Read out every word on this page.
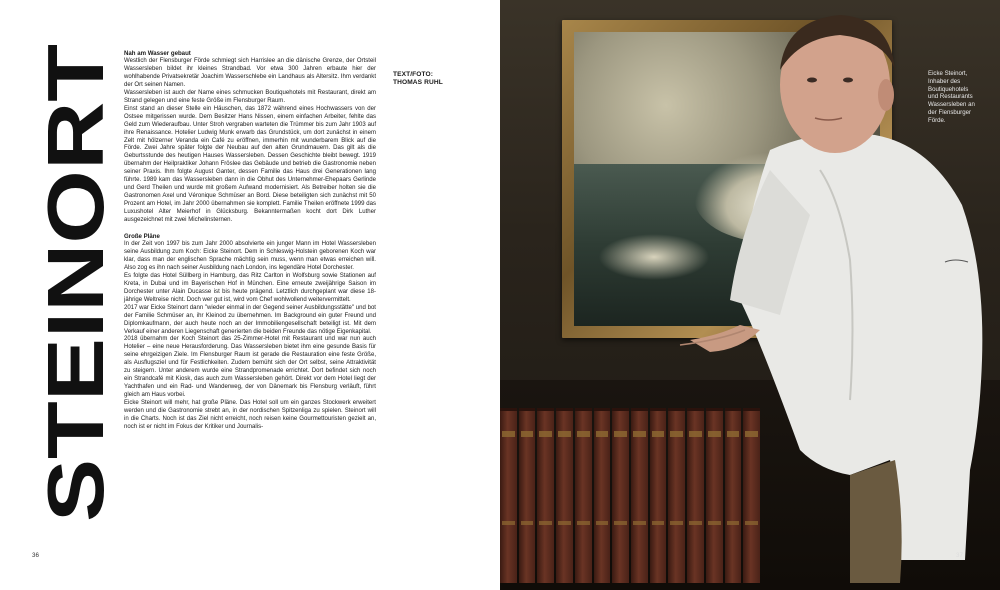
STEINORT
Nah am Wasser gebaut

Westlich der Flensburger Förde schmiegt sich Harrislee an die dänische Grenze, der Ortsteil Wassersleben bildet ihr kleines Strandbad. Vor etwa 300 Jahren erbaute hier der wohlhabende Privatsekretär Joachim Wasserschlebe ein Landhaus als Altersitz. Ihm verdankt der Ort seinen Namen.

Wassersleben ist auch der Name eines schmucken Boutiquehotels mit Restaurant, direkt am Strand gelegen und eine feste Größe im Flensburger Raum.

Einst stand an dieser Stelle ein Häuschen, das 1872 während eines Hochwassers von der Ostsee mitgerissen wurde. Dem Besitzer Hans Nissen, einem einfachen Arbeiter, fehlte das Geld zum Wiederaufbau. Unter Stroh vergraben warteten die Trümmer bis zum Jahr 1903 auf ihre Renaissance. Hotelier Ludwig Munk erwarb das Grundstück, um dort zunächst in einem Zelt mit hölzerner Veranda ein Café zu eröffnen, immerhin mit wunderbarem Blick auf die Förde. Zwei Jahre später folgte der Neubau auf den alten Grundmauern. Das gilt als die Geburtsstunde des heutigen Hauses Wassersleben. Dessen Geschichte bleibt bewegt. 1919 übernahm der Heilpraktiker Johann Fröslee das Gebäude und betrieb die Gastronomie neben seiner Praxis. Ihm folgte August Ganter, dessen Familie das Haus drei Generationen lang führte. 1989 kam das Wassersleben dann in die Obhut des Unternehmer-Ehepaars Gerlinde und Gerd Theilen und wurde mit großem Aufwand modernisiert. Als Betreiber holten sie die Gastronomen Axel und Véronique Schmüser an Bord. Diese beteiligten sich zunächst mit 50 Prozent am Hotel, im Jahr 2000 übernahmen sie komplett. Familie Theilen eröffnete 1999 das Luxushotel Alter Meierhof in Glücksburg. Bekanntermaßen kocht dort Dirk Luther ausgezeichnet mit zwei Michelinsternen.

Große Pläne

In der Zeit von 1997 bis zum Jahr 2000 absolvierte ein junger Mann im Hotel Wassersleben seine Ausbildung zum Koch: Eicke Steinort. Dem in Schleswig-Holstein geborenen Koch war klar, dass man der englischen Sprache mächtig sein muss, wenn man etwas erreichen will. Also zog es ihn nach seiner Ausbildung nach London, ins legendäre Hotel Dorchester.

Es folgte das Hotel Süllberg in Hamburg, das Ritz Carlton in Wolfsburg sowie Stationen auf Kreta, in Dubai und im Bayerischen Hof in München. Eine erneute zweijährige Saison im Dorchester unter Alain Ducasse ist bis heute prägend. Letztlich durchgeplant war diese 18-jährige Weltreise nicht. Doch wer gut ist, wird vom Chef wohlwollend weitervermittelt.

2017 war Eicke Steinort dann "wieder einmal in der Gegend seiner Ausbildungsstätte" und bot der Familie Schmüser an, ihr Kleinod zu übernehmen. Im Background ein guter Freund und Diplomkaufmann, der auch heute noch an der Immobiliengesellschaft beteiligt ist. Mit dem Verkauf einer anderen Liegenschaft generierten die beiden Freunde das nötige Eigenkapital.

2018 übernahm der Koch Steinort das 25-Zimmer-Hotel mit Restaurant und war nun auch Hotelier – eine neue Herausforderung. Das Wassersleben bietet ihm eine gesunde Basis für seine ehrgeizigen Ziele. Im Flensburger Raum ist gerade die Restauration eine feste Größe, als Ausflugsziel und für Festlichkeiten. Zudem bemüht sich der Ort selbst, seine Attraktivität zu steigern. Unter anderem wurde eine Strandpromenade errichtet. Dort befindet sich noch ein Strandcafé mit Kiosk, das auch zum Wassersleben gehört. Direkt vor dem Hotel liegt der Yachthafen und ein Rad- und Wanderweg, der von Dänemark bis Flensburg verläuft, führt gleich am Haus vorbei.

Eicke Steinort will mehr, hat große Pläne. Das Hotel soll um ein ganzes Stockwerk erweitert werden und die Gastronomie strebt an, in der nordischen Spitzenliga zu spielen. Steinort will in die Charts. Noch ist das Ziel nicht erreicht, noch reisen keine Gourmettouristen gezielt an, noch ist er nicht im Fokus der Kritiker und Journalis-

TEXT/FOTO:
THOMAS RUHL
36
Eicke Steinort,
Inhaber des
Boutiquehotels
und Restaurants
Wassersleben an
der Flensburger
Förde.
37
